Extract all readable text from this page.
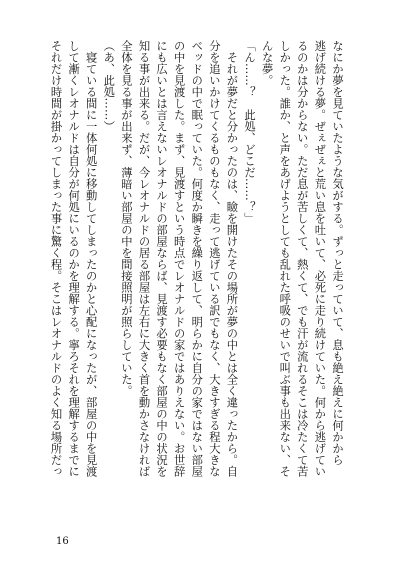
なにか夢を見ていたような気がする。ずっと走っていて、息も絶え絶えに何かから

逃げ続ける夢。ぜぇぜぇと荒い息を吐いて、必死に走り続けていた。何から逃げてい

るのかは分からない。ただ息が苦しくて、熱くて、でも汗が流れるそこは冷たくて苦

しかった。誰か、と声をあげようとしても乱れた呼吸のせいで叫ぶ事も出来ない、そ

んな夢。

「ん……？　此処、どこだ……？」

　それが夢だと分かったのは、瞼を開けたその場所が夢の中とは全く違ったから。自

分を追いかけてくるものもなく、走って逃げている訳でもなく、大きすぎる程大きな

ベッドの中で眠っていた。何度か瞬きを繰り返して、明らかに自分の家ではない部屋

の中を見渡した。まず、見渡すという時点でレオナルドの家ではありえない。お世辞

にも広いとは言えないレオナルドの部屋ならば、見渡す必要もなく部屋の中の状況を

知る事が出来る。だが、今レオナルドの居る部屋は左右に大きく首を動かさなければ

全体を見る事が出来ず、薄暗い部屋の中を間接照明が照らしていた。

（あ、此処……）

　寝ている間に一体何処に移動してしまったのかと心配になったが、部屋の中を見渡

して漸くレオナルドは自分が何処にいるのかを理解する。寧ろそれを理解するまでに

それだけ時間が掛かってしまった事に驚く程。そこはレオナルドのよく知る場所だっ

16
